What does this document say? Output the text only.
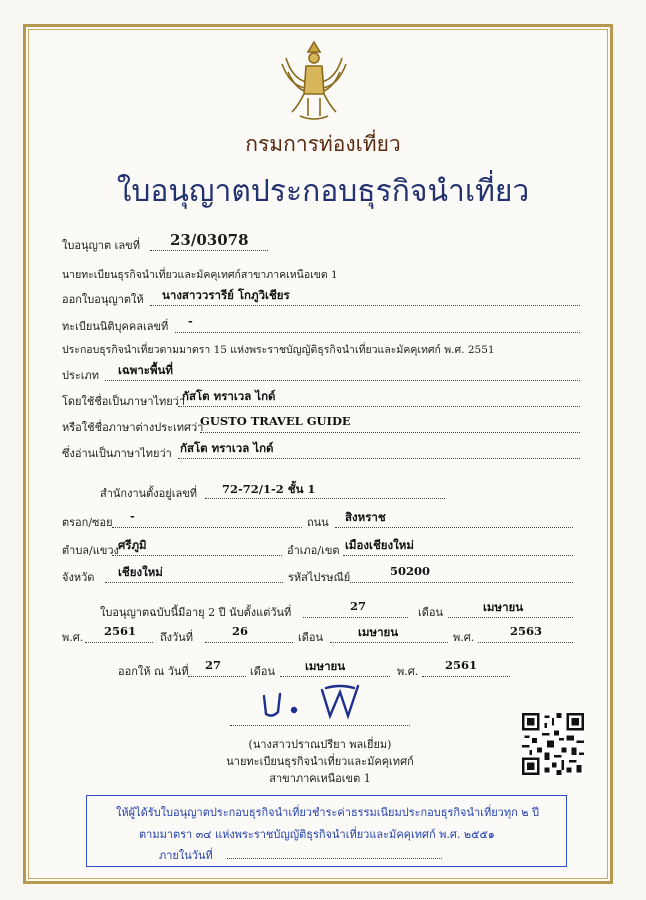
กรมการท่องเที่ยว
ใบอนุญาตประกอบธุรกิจนำเที่ยว
ใบอนุญาต เลขที่ 23/03078
นายทะเบียนธุรกิจนำเที่ยวและมัคคุเทศก์สาขาภาคเหนือเขต 1
ออกใบอนุญาตให้ นางสาววรารีย์ โกภูวิเชียร
ทะเบียนนิติบุคคลเลขที่ -
ประกอบธุรกิจนำเที่ยวตามมาตรา 15 แห่งพระราชบัญญัติธุรกิจนำเที่ยวและมัคคุเทศก์ พ.ศ. 2551
ประเภท เฉพาะพื้นที่
โดยใช้ชื่อเป็นภาษาไทยว่า
กัสโต ทราเวล ไกด์
หรือใช้ชื่อภาษาต่างประเทศว่า
GUSTO TRAVEL GUIDE
ซึ่งอ่านเป็นภาษาไทยว่า กัสโต ทราเวล ไกด์
สำนักงานตั้งอยู่เลขที่ 72-72/1-2 ชั้น 1
ตรอก/ซอย -	ถนน สิงหราช
ตำบล/แขวง ศรีภูมิ	อำเภอ/เขต เมืองเชียงใหม่
จังหวัด เชียงใหม่	รหัสไปรษณีย์	50200
ใบอนุญาตฉบับนี้มีอายุ 2 ปี นับตั้งแต่วันที่	27	เดือน	เมษายน
พ.ศ. 2561 ถึงวันที่	26	เดือน	เมษายน	พ.ศ.	2563
ออกให้ ณ วันที่ 27	เดือน	เมษายน	พ.ศ. 2561
(นางสาวปราณปรียา พลเยี่ยม)
นายทะเบียนธุรกิจนำเที่ยวและมัคคุเทศก์
สาขาภาคเหนือเขต 1
ให้ผู้ได้รับใบอนุญาตประกอบธุรกิจนำเที่ยวชำระค่าธรรมเนียมประกอบธุรกิจนำเที่ยวทุก ๒ ปี
ตามมาตรา ๓๔ แห่งพระราชบัญญัติธุรกิจนำเที่ยวและมัคคุเทศก์ พ.ศ. ๒๕๕๑
ภายในวันที่
